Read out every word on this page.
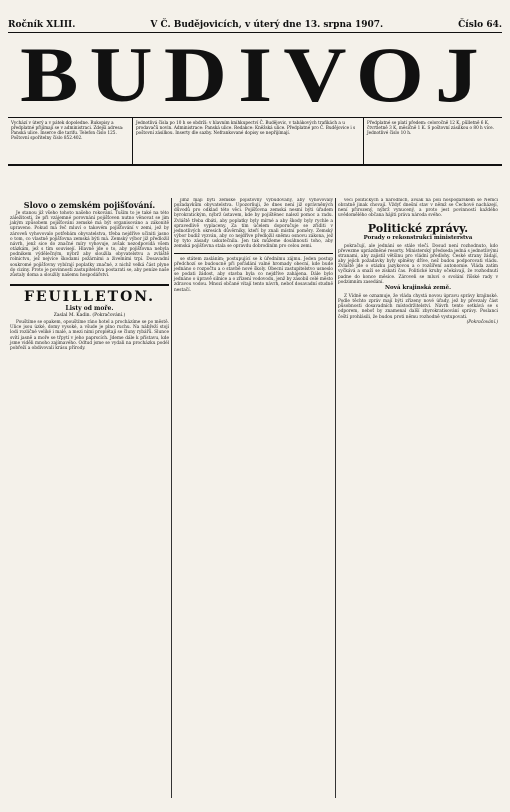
Ročník XLIII.	V Č. Budějovicích, v úterý dne 13. srpna 1907.	Číslo 64.
BUDIVOJ
Vychází v úterý a v pátek dopoledne. Rukopisy a předplatné přijímají se v administraci. Zdejší adresa: Panská ulice. Inserce dle tarifu. Telefon číslo 125. Poštovní spořitelny číslo 852.402.
Jednotlivá čísla po 10 h se obdrží: v hlavním knihkupectví Č. Budějovic, v tabákových trafikách a u prodavačů novin. Administrace: Panská ulice. Redakce: Kněžská ulice. Předplatné pro Č. Budějovice i s poštovní zásilkou. Inserty dle sazby. Nefrankované dopisy se nepřijímají.
Předplatné se platí předem: celoročně 12 K, půlletně 6 K, čtvrtletně 3 K, měsíčně 1 K. S poštovní zásilkou o 80 h více. Jednotlivé číslo 10 h.
Slovo o zemském pojišťování.

Je stanou již všeho tohoto našeho rokování. Tuším to je také na této záležitosti, že při vzájemné porovnání pojišťoven nutno věnovat se jim jakým způsobem pojišťování zemské má být organisováno a zákonitě upraveno. Pokud má řeč mluví o takovém pojišťování v zemi, jež by zároveň vyhovovalo potřebám obyvatelstva, třeba nejdříve učiniti jasno o tom, co vlastně pojišťovna zemská býti má. Zemský výbor již předložil návrh, jenž sice do značné míry vyhovuje, avšak nezodpovídá všem otázkám, jež s tím souvisejí. Hlavně jde o to, aby pojišťovna nebyla podnikem výdělečným, nýbrž aby sloužila obyvatelstvu a zvláště rolnictvu, jež nejvíce škodami požárními a živelními trpí. Dosavadní soukromé pojišťovny vybírají poplatky značné, z nichž velká část plyne do ciziny. Proto je povinností zastupitelstva postarati se, aby peníze naše zůstaly doma a sloužily našemu hospodářství.

FEUILLETON.
Listy od moře.
Zaslal M. Kadin. (Pokračování.)

Pouštíme se opakem, opouštíme ráno hotel a procházíme se po městě. Ulice jsou úzké, domy vysoké, a všude je plno ruchu. Na nábřeží stojí lodi rozličné veliké i malé, a mezi nimi proplétají se čluny rybářů. Slunce svítí jasně a moře se třpytí v jeho paprscích. Jdeme dále k přístavu, kde jsme viděli mnoho zajímavého. Odtud jsme se vydali na procházku podél pobřeží a obdivovali krásu přírody.

jimž mají býti zemské pojišťovny vybudovány, aby vyhovovaly požadavkům obyvatelstva. Upozorňuji, že dnes není již oprávněných důvodů pro odklad této věci. Pojišťovna zemská nesmí býti úřadem byrokratickým, nýbrž ústavem, kde by pojištěnec nalezl pomoc a radu. Zvláště třeba dbáti, aby poplatky byly mírné a aby škody byly rychle a spravedlivě vyplaceny. Za tím účelem doporučuje se zříditi v jednotlivých okresích důvěrníky, kteří by znali místní poměry. Zemský výbor budiž vyzván, aby co nejdříve předložil sněmu osnovu zákona, jež by tyto zásady uskutečnila. Jen tak můžeme dosáhnouti toho, aby zemská pojišťovna stala se opravdu dobrodiním pro celou zemi.

se státem zasláním; postupující se k úřednímu zájmu. Jeden postup předchozí se budoucně při pořádání valné hromady obecní, kde bude jednáno o rozpočtu a o stavbě nové školy. Obecní zastupitelstvo usneslo se podati žádost, aby stavba byla co nejdříve zahájena. Dále bylo jednáno o úpravě silnice a o zřízení vodovodu, jenž by zásobil celé město zdravou vodou. Mnozí občané vítají tento návrh, neboť dosavadní studně nestačí.

věci politických a národních, avšak na poli hospodářském se Němci obratně jinak chovají. Vždyť dnešní stav v němž se Čechové nacházejí, není přirozený, nýbrž vynucený, a proto jest povinností každého uvědomělého občana hájiti práva národa svého.

Politické zprávy.
Porady o rekonstrukci ministerstva

pokračují, ale jednání se stále vlečí. Dosud není rozhodnuto, kdo převezme uprázdněné resorty. Ministerský předseda jedná s jednotlivými stranami, aby zajistil většinu pro vládní předlohy. České strany žádají, aby jejich požadavky byly splněny dříve, než budou podporovati vládu. Zvláště jde o otázku jazykovou a o rozšíření autonomie. Vláda zatím vyčkává a snaží se získati čas. Politické kruhy očekávají, že rozhodnutí padne do konce měsíce. Zároveň se mluví o svolání říšské rady v podzimním zasedání.

Nová krajinská země.

Z Vídně se oznamuje, že vláda chystá novou úpravu správy krajinské. Podle těchto zpráv mají býti zřízeny nové úřady, jež by převzaly část působnosti dosavadních místodržitelství. Návrh tento setkává se s odporem, neboť by znamenal další zbyrokratisování správy. Poslanci čeští prohlásili, že budou proti němu rozhodně vystupovati.

(Pokračování.)
